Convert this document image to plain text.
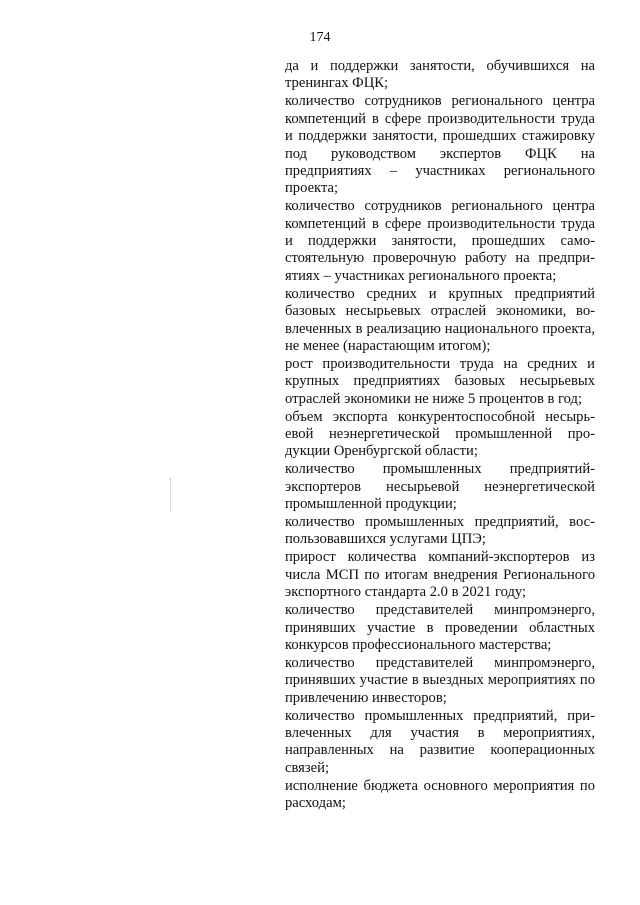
174

да и поддержки занятости, обучившихся на тренингах ФЦК;

количество сотрудников регионального центра компетенций в сфере производительности труда и поддержки занятости, прошедших стажировку под руководством экспертов ФЦК на предприятиях – участниках регионального проекта;

количество сотрудников регионального центра компетенций в сфере производительности труда и поддержки занятости, прошедших самостоятельную проверочную работу на предприятиях – участниках регионального проекта;

количество средних и крупных предприятий базовых несырьевых отраслей экономики, вовлеченных в реализацию национального проекта, не менее (нарастающим итогом);

рост производительности труда на средних и крупных предприятиях базовых несырьевых отраслей экономики не ниже 5 процентов в год;

объем экспорта конкурентоспособной несырьевой неэнергетической промышленной продукции Оренбургской области;

количество промышленных предприятий-экспортеров несырьевой неэнергетической промышленной продукции;

количество промышленных предприятий, воспользовавшихся услугами ЦПЭ;

прирост количества компаний-экспортеров из числа МСП по итогам внедрения Регионального экспортного стандарта 2.0 в 2021 году;

количество представителей минпромэнерго, принявших участие в проведении областных конкурсов профессионального мастерства;

количество представителей минпромэнерго, принявших участие в выездных мероприятиях по привлечению инвесторов;

количество промышленных предприятий, привлеченных для участия в мероприятиях, направленных на развитие кооперационных связей;

исполнение бюджета основного мероприятия по расходам;
